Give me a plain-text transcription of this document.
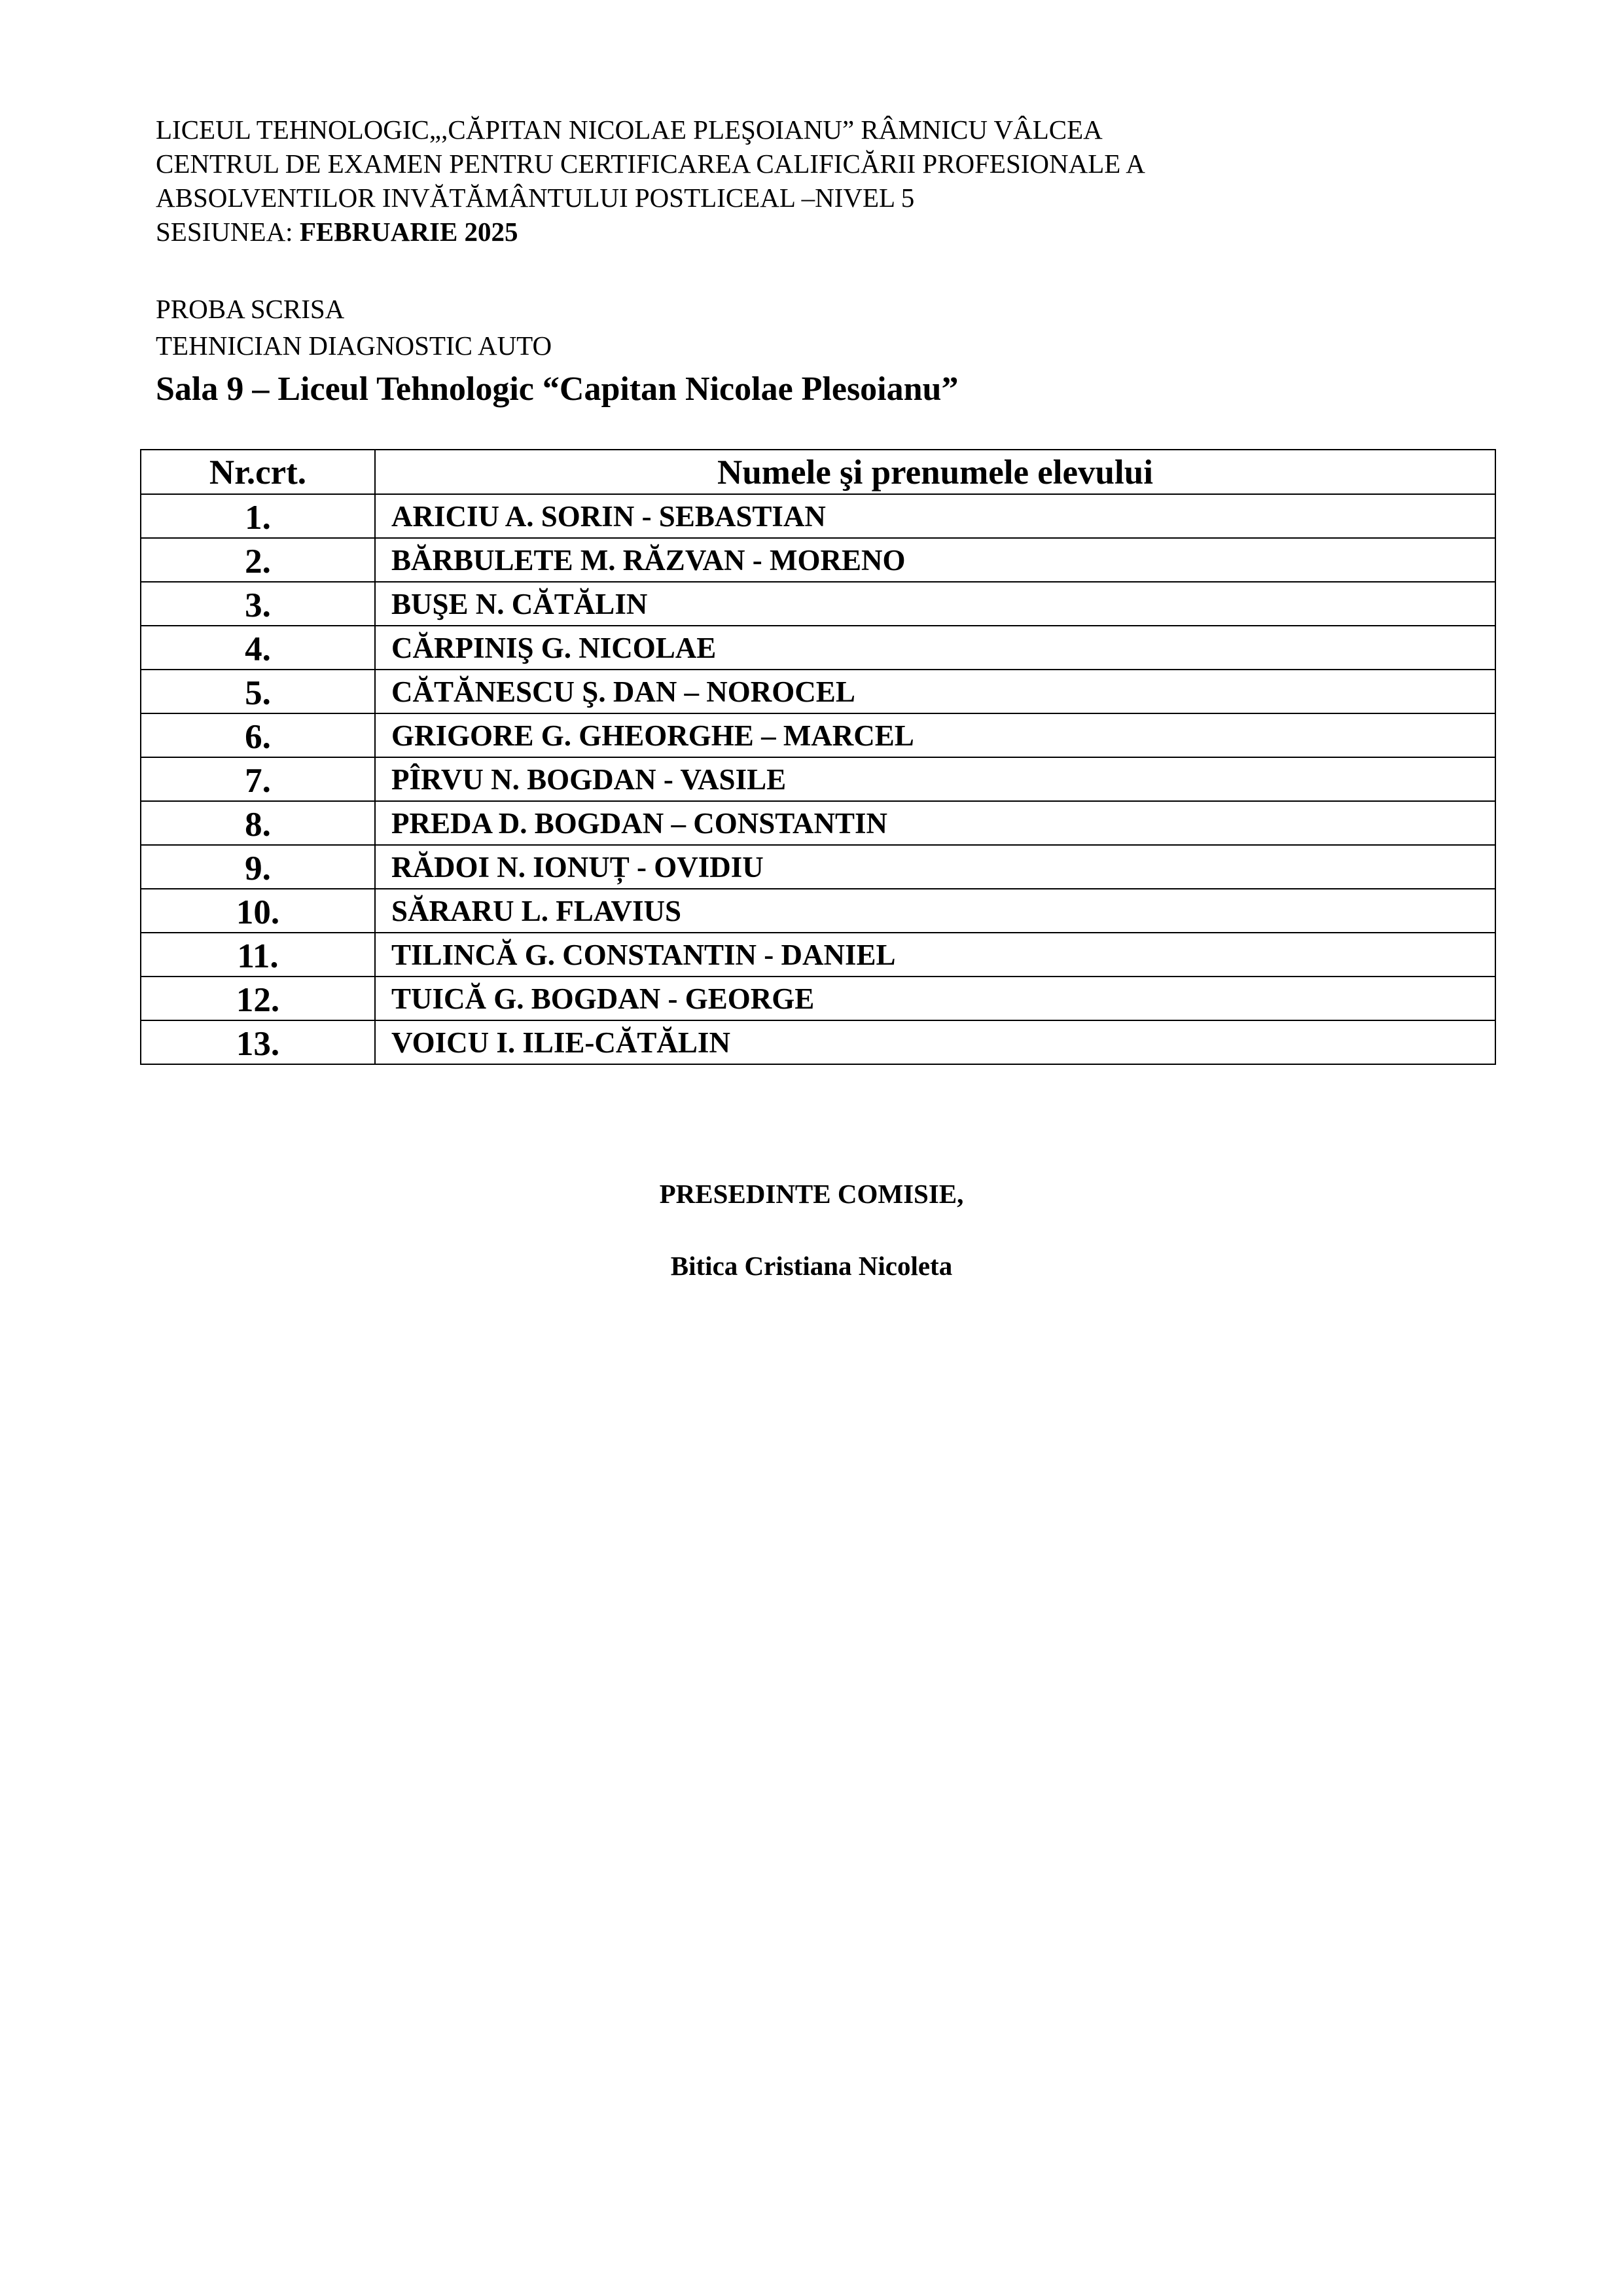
LICEUL TEHNOLOGIC„,CĂPITAN NICOLAE PLEŞOIANU” RÂMNICU VÂLCEA
CENTRUL DE EXAMEN PENTRU CERTIFICAREA CALIFICĂRII PROFESIONALE A
ABSOLVENTILOR INVĂTĂMÂNTULUI POSTLICEAL –NIVEL 5
SESIUNEA: FEBRUARIE 2025
PROBA SCRISA
TEHNICIAN DIAGNOSTIC AUTO
Sala 9 – Liceul Tehnologic “Capitan Nicolae Plesoianu”
Nr.crt.	Numele şi prenumele elevului
1.	ARICIU A. SORIN - SEBASTIAN
2.	BĂRBULETE M. RĂZVAN - MORENO
3.	BUŞE N. CĂTĂLIN
4.	CĂRPINIŞ G. NICOLAE
5.	CĂTĂNESCU Ş. DAN – NOROCEL
6.	GRIGORE G. GHEORGHE – MARCEL
7.	PÎRVU N. BOGDAN - VASILE
8.	PREDA D. BOGDAN – CONSTANTIN
9.	RĂDOI N. IONUȚ - OVIDIU
10.	SĂRARU L. FLAVIUS
11.	TILINCĂ G. CONSTANTIN - DANIEL
12.	TUICĂ G. BOGDAN - GEORGE
13.	VOICU I. ILIE-CĂTĂLIN
PRESEDINTE COMISIE,
Bitica Cristiana Nicoleta
